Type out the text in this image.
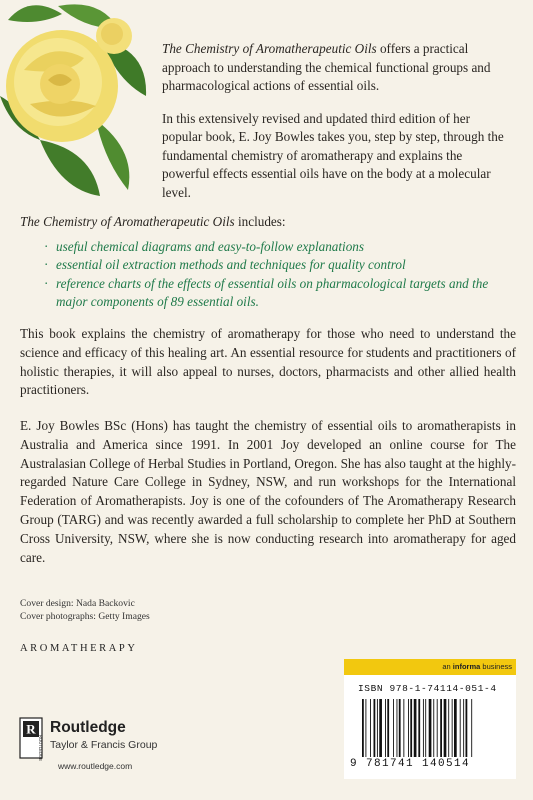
The Chemistry of Aromatherapeutic Oils offers a practical approach to understanding the chemical functional groups and pharmacological actions of essential oils.

In this extensively revised and updated third edition of her popular book, E. Joy Bowles takes you, step by step, through the fundamental chemistry of aromatherapy and explains the powerful effects essential oils have on the body at a molecular level.

The Chemistry of Aromatherapeutic Oils includes:

· useful chemical diagrams and easy-to-follow explanations
· essential oil extraction methods and techniques for quality control
· reference charts of the effects of essential oils on pharmacological targets and the major components of 89 essential oils.

This book explains the chemistry of aromatherapy for those who need to understand the science and efficacy of this healing art. An essential resource for students and practitioners of holistic therapies, it will also appeal to nurses, doctors, pharmacists and other allied health practitioners.

E. Joy Bowles BSc (Hons) has taught the chemistry of essential oils to aromatherapists in Australia and America since 1991. In 2001 Joy developed an online course for The Australasian College of Herbal Studies in Portland, Oregon. She has also taught at the highly-regarded Nature Care College in Sydney, NSW, and run workshops for the International Federation of Aromatherapists. Joy is one of the cofounders of The Aromatherapy Research Group (TARG) and was recently awarded a full scholarship to complete her PhD at Southern Cross University, NSW, where she is now conducting research into aromatherapy for aged care.

Cover design: Nada Backovic
Cover photographs: Getty Images
AROMATHERAPY
R
ROUTLEDGE
Routledge
Taylor & Francis Group
www.routledge.com
an informa business
ISBN 978-1-74114-051-4
9 781741 140514
